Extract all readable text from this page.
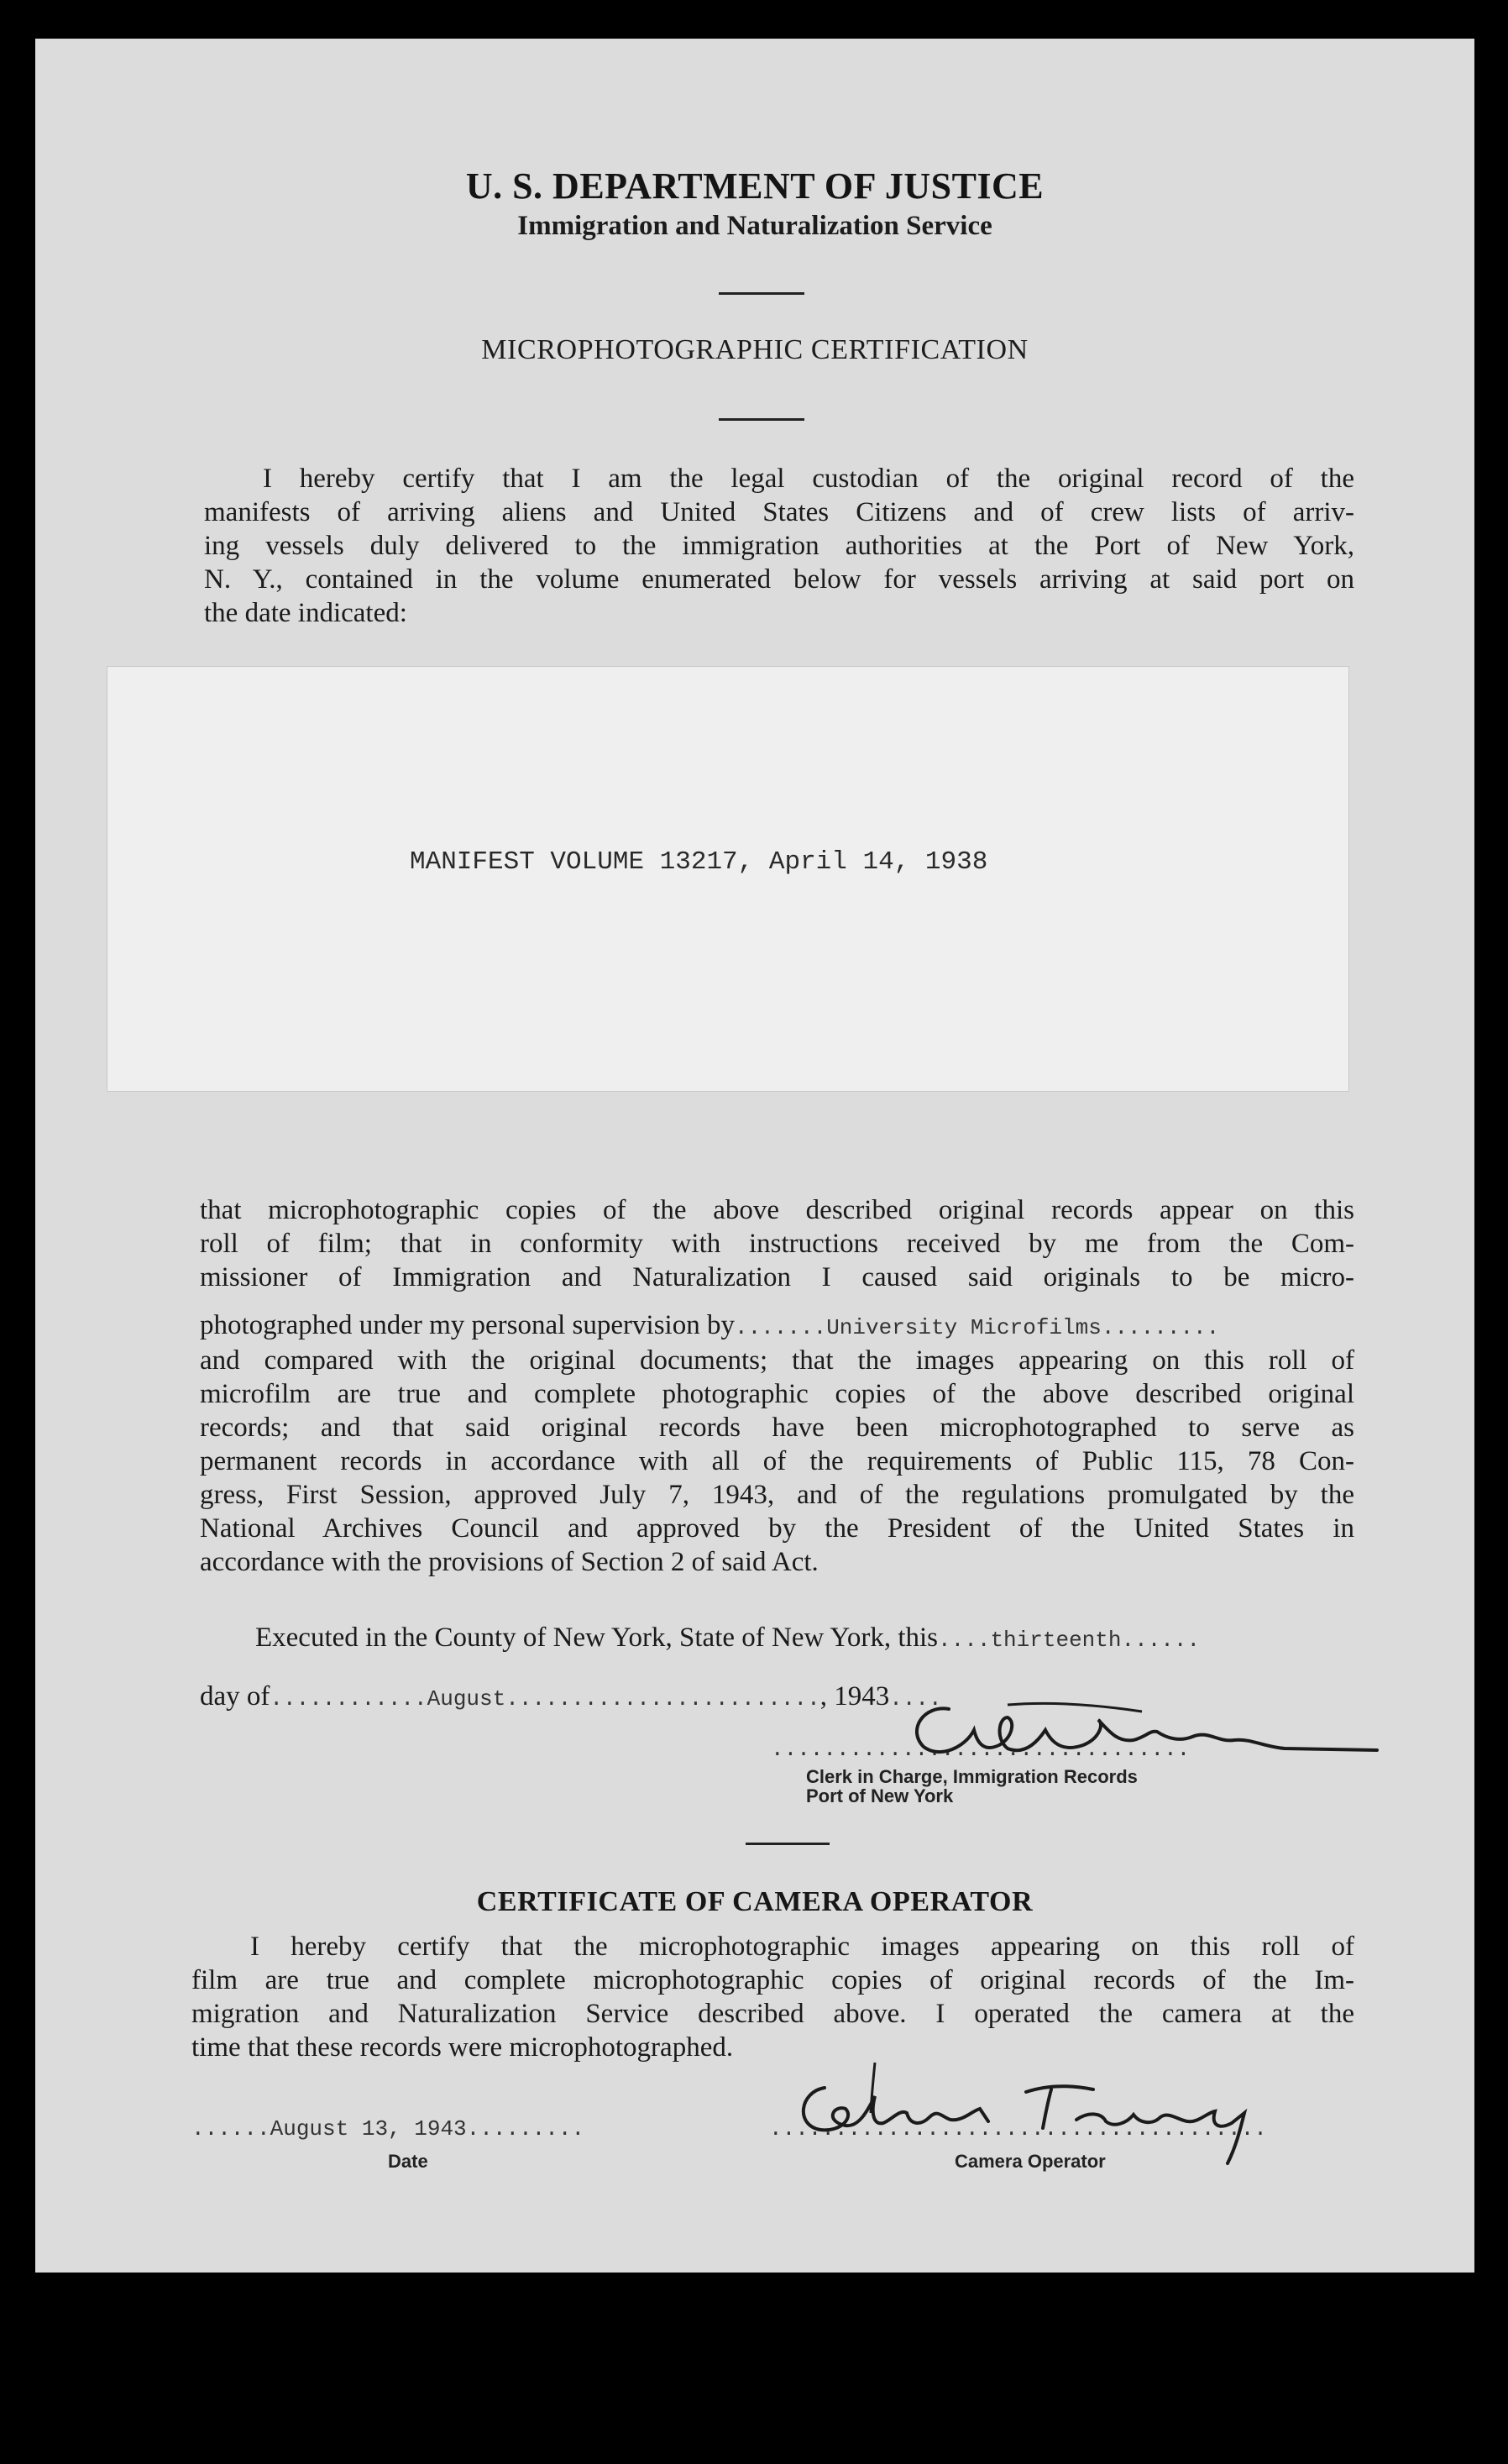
U. S. DEPARTMENT OF JUSTICE
Immigration and Naturalization Service
MICROPHOTOGRAPHIC CERTIFICATION
I hereby certify that I am the legal custodian of the original record of the
manifests of arriving aliens and United States Citizens and of crew lists of arriv-
ing vessels duly delivered to the immigration authorities at the Port of New York,
N. Y., contained in the volume enumerated below for vessels arriving at said port on
the date indicated:
MANIFEST VOLUME 13217, April 14, 1938
that microphotographic copies of the above described original records appear on this
roll of film; that in conformity with instructions received by me from the Com-
missioner of Immigration and Naturalization I caused said originals to be micro-
photographed under my personal supervision by.......University Microfilms.........
and compared with the original documents; that the images appearing on this roll of
microfilm are true and complete photographic copies of the above described original
records; and that said original records have been microphotographed to serve as
permanent records in accordance with all of the requirements of Public 115, 78 Con-
gress, First Session, approved July 7, 1943, and of the regulations promulgated by the
National Archives Council and approved by the President of the United States in
accordance with the provisions of Section 2 of said Act.
Executed in the County of New York, State of New York, this....thirteenth......
day of............August........................, 1943....
................................
Clerk in Charge, Immigration Records
Port of New York
CERTIFICATE OF CAMERA OPERATOR
I hereby certify that the microphotographic images appearing on this roll of
film are true and complete microphotographic copies of original records of the Im-
migration and Naturalization Service described above. I operated the camera at the
time that these records were microphotographed.
......August 13, 1943.........
Date
......................................
Camera Operator
